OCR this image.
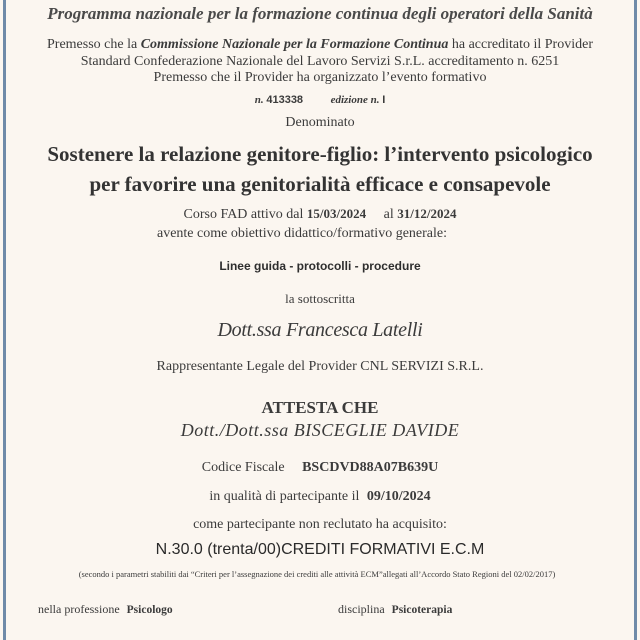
Programma nazionale per la formazione continua degli operatori della Sanità
Premesso che la Commissione Nazionale per la Formazione Continua ha accreditato il Provider
Standard Confederazione Nazionale del Lavoro Servizi S.r.L. accreditamento n. 6251
Premesso che il Provider ha organizzato l’evento formativo
n. 413338	edizione n. I
Denominato
Sostenere la relazione genitore-figlio: l’intervento psicologico
per favorire una genitorialità efficace e consapevole
Corso FAD attivo dal 15/03/2024 al 31/12/2024
avente come obiettivo didattico/formativo generale:
Linee guida - protocolli - procedure
la sottoscritta
Dott.ssa Francesca Latelli
Rappresentante Legale del Provider CNL SERVIZI S.R.L.
ATTESTA CHE
Dott./Dott.ssa BISCEGLIE DAVIDE
Codice Fiscale BSCDVD88A07B639U
in qualità di partecipante il 09/10/2024
come partecipante non reclutato ha acquisito:
N.30.0 (trenta/00)CREDITI FORMATIVI E.C.M
(secondo i parametri stabiliti dai “Criteri per l’assegnazione dei crediti alle attività ECM”allegati all’Accordo Stato Regioni del 02/02/2017)
nella professione Psicologo	disciplina Psicoterapia
